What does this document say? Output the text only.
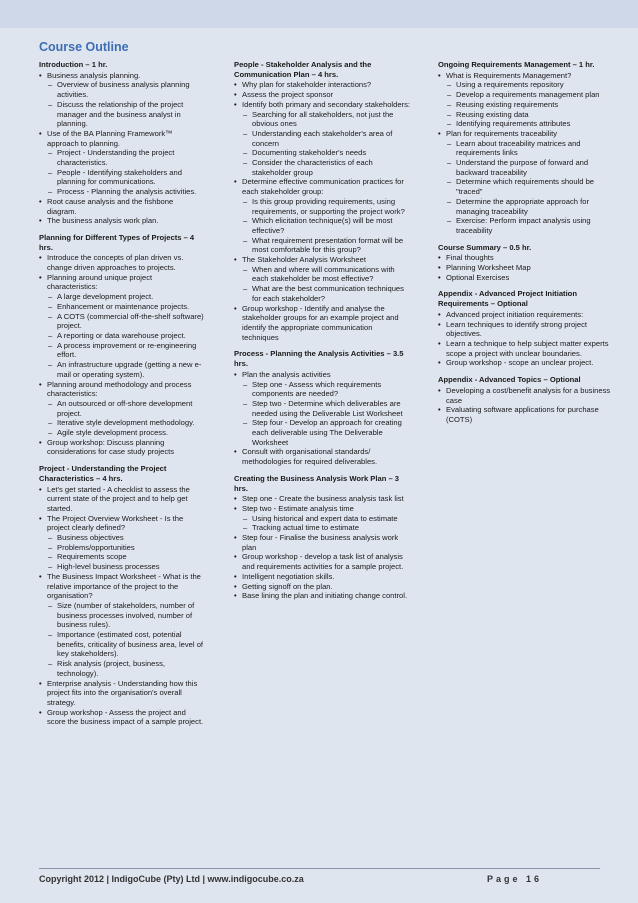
Course Outline
Introduction – 1 hr.
• Business analysis planning.
– Overview of business analysis planning activities.
– Discuss the relationship of the project manager and the business analyst in planning.
• Use of the BA Planning Framework™ approach to planning.
– Project - Understanding the project characteristics.
– People - Identifying stakeholders and planning for communications.
– Process - Planning the analysis activities.
• Root cause analysis and the fishbone diagram.
• The business analysis work plan.
Planning for Different Types of Projects – 4 hrs.
• Introduce the concepts of plan driven vs. change driven approaches to projects.
• Planning around unique project characteristics:
– A large development project.
– Enhancement or maintenance projects.
– A COTS (commercial off-the-shelf software) project.
– A reporting or data warehouse project.
– A process improvement or re-engineering effort.
– An infrastructure upgrade (getting a new e-mail or operating system).
• Planning around methodology and process characteristics:
– An outsourced or off-shore development project.
– Iterative style development methodology.
– Agile style development process.
• Group workshop: Discuss planning considerations for case study projects
Project - Understanding the Project Characteristics – 4 hrs.
• Let's get started - A checklist to assess the current state of the project and to help get started.
• The Project Overview Worksheet - Is the project clearly defined?
– Business objectives
– Problems/opportunities
– Requirements scope
– High-level business processes
• The Business Impact Worksheet - What is the relative importance of the project to the organisation?
– Size (number of stakeholders, number of business processes involved, number of business rules).
– Importance (estimated cost, potential benefits, criticality of business area, level of key stakeholders).
– Risk analysis (project, business, technology).
• Enterprise analysis - Understanding how this project fits into the organisation's overall strategy.
• Group workshop - Assess the project and score the business impact of a sample project.
People - Stakeholder Analysis and the Communication Plan – 4 hrs.
• Why plan for stakeholder interactions?
• Assess the project sponsor
• Identify both primary and secondary stakeholders:
– Searching for all stakeholders, not just the obvious ones
– Understanding each stakeholder's area of concern
– Documenting stakeholder's needs
– Consider the characteristics of each stakeholder group
• Determine effective communication practices for each stakeholder group:
– Is this group providing requirements, using requirements, or supporting the project work?
– Which elicitation technique(s) will be most effective?
– What requirement presentation format will be most comfortable for this group?
• The Stakeholder Analysis Worksheet
– When and where will communications with each stakeholder be most effective?
– What are the best communication techniques for each stakeholder?
• Group workshop - Identify and analyse the stakeholder groups for an example project and identify the appropriate communication techniques
Process - Planning the Analysis Activities – 3.5 hrs.
• Plan the analysis activities
– Step one - Assess which requirements components are needed?
– Step two - Determine which deliverables are needed using the Deliverable List Worksheet
– Step four - Develop an approach for creating each deliverable using The Deliverable Worksheet
• Consult with organisational standards/ methodologies for required deliverables.
Creating the Business Analysis Work Plan – 3 hrs.
• Step one - Create the business analysis task list
• Step two - Estimate analysis time
– Using historical and expert data to estimate
– Tracking actual time to estimate
• Step four - Finalise the business analysis work plan
• Group workshop - develop a task list of analysis and requirements activities for a sample project.
• Intelligent negotiation skills.
• Getting signoff on the plan.
• Base lining the plan and initiating change control.
Ongoing Requirements Management – 1 hr.
• What is Requirements Management?
– Using a requirements repository
– Develop a requirements management plan
– Reusing existing requirements
– Reusing existing data
– Identifying requirements attributes
• Plan for requirements traceability
– Learn about traceability matrices and requirements links
– Understand the purpose of forward and backward traceability
– Determine which requirements should be "traced"
– Determine the appropriate approach for managing traceability
– Exercise: Perform impact analysis using traceability
Course Summary – 0.5 hr.
• Final thoughts
• Planning Worksheet Map
• Optional Exercises
Appendix - Advanced Project Initiation Requirements – Optional
• Advanced project initiation requirements:
• Learn techniques to identify strong project objectives.
• Learn a technique to help subject matter experts scope a project with unclear boundaries.
• Group workshop - scope an unclear project.
Appendix - Advanced Topics – Optional
• Developing a cost/benefit analysis for a business case
• Evaluating software applications for purchase (COTS)
Copyright 2012 | IndigoCube (Pty) Ltd | www.indigocube.co.za	Page 16
